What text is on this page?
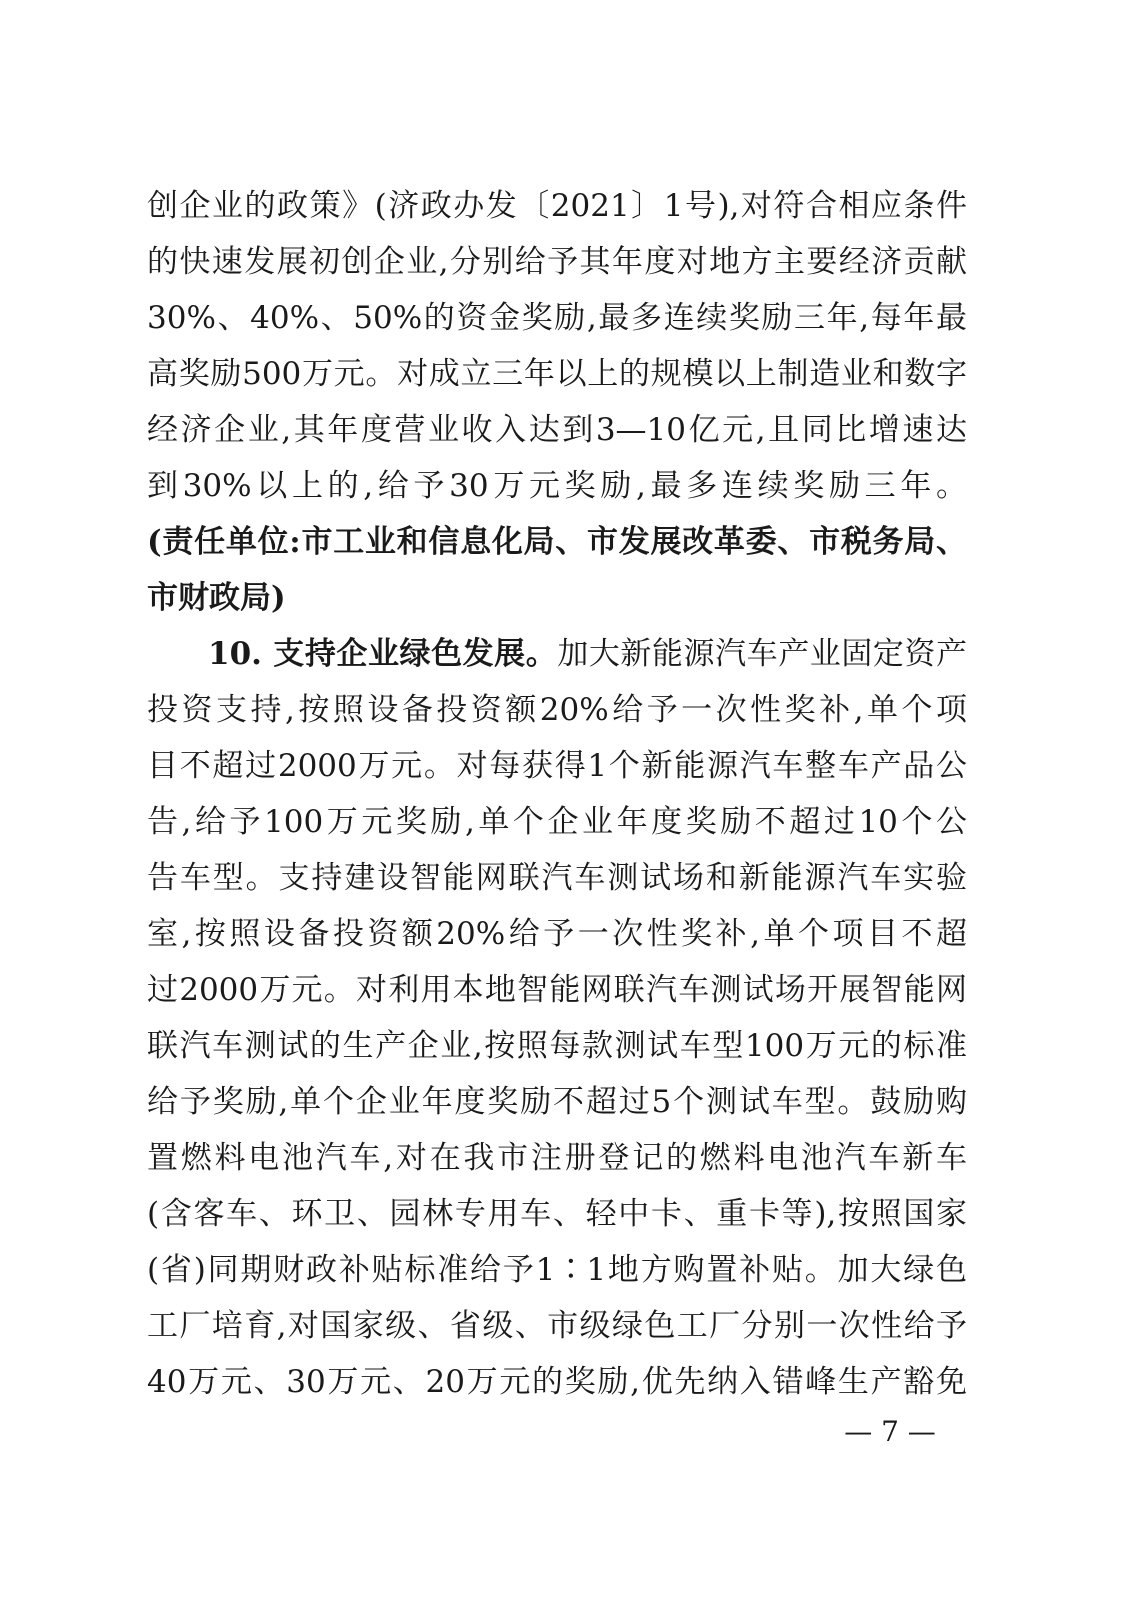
创企业的政策》(济政办发〔2021〕1号),对符合相应条件
的快速发展初创企业,分别给予其年度对地方主要经济贡献
30%、40%、50%的资金奖励,最多连续奖励三年,每年最
高奖励500万元。对成立三年以上的规模以上制造业和数字
经济企业,其年度营业收入达到3—10亿元,且同比增速达
到30%以上的,给予30万元奖励,最多连续奖励三年。
(责任单位:市工业和信息化局、市发展改革委、市税务局、
市财政局)
10. 支持企业绿色发展。加大新能源汽车产业固定资产
投资支持,按照设备投资额20%给予一次性奖补,单个项
目不超过2000万元。对每获得1个新能源汽车整车产品公
告,给予100万元奖励,单个企业年度奖励不超过10个公
告车型。支持建设智能网联汽车测试场和新能源汽车实验
室,按照设备投资额20%给予一次性奖补,单个项目不超
过2000万元。对利用本地智能网联汽车测试场开展智能网
联汽车测试的生产企业,按照每款测试车型100万元的标准
给予奖励,单个企业年度奖励不超过5个测试车型。鼓励购
置燃料电池汽车,对在我市注册登记的燃料电池汽车新车
(含客车、环卫、园林专用车、轻中卡、重卡等),按照国家
(省)同期财政补贴标准给予1∶1地方购置补贴。加大绿色
工厂培育,对国家级、省级、市级绿色工厂分别一次性给予
40万元、30万元、20万元的奖励,优先纳入错峰生产豁免
— 7 —
